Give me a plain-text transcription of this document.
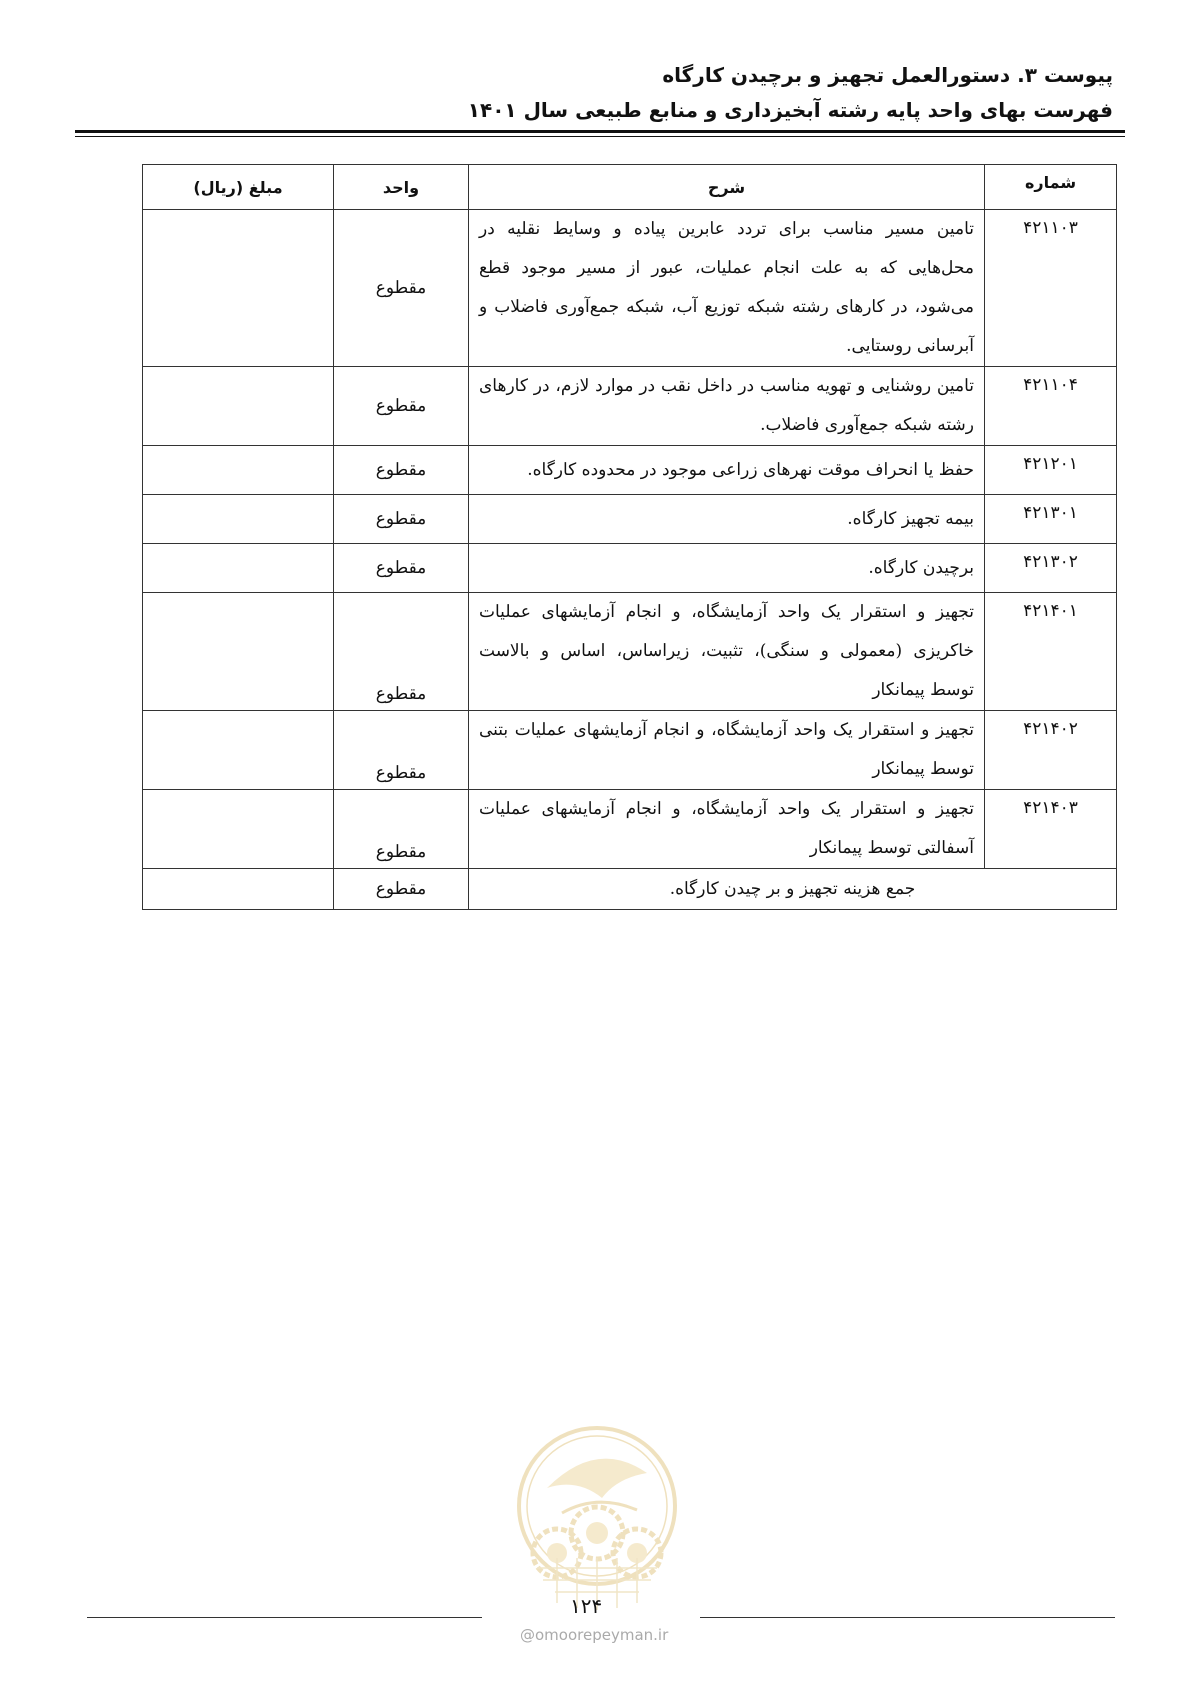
پیوست ۳. دستورالعمل تجهیز و برچیدن کارگاه
فهرست بهای واحد پایه رشته آبخیزداری و منابع طبیعی سال ۱۴۰۱
شماره	شرح	واحد	مبلغ (ریال)
۴۲۱۱۰۳	تامین مسیر مناسب برای تردد عابرین پیاده و وسایط نقلیه در محل‌هایی که به علت انجام عملیات، عبور از مسیر موجود قطع می‌شود، در کارهای رشته شبکه توزیع آب، شبکه جمع‌آوری فاضلاب و آبرسانی روستایی.	مقطوع	
۴۲۱۱۰۴	تامین روشنایی و تهویه مناسب در داخل نقب در موارد لازم، در کارهای رشته شبکه جمع‌آوری فاضلاب.	مقطوع	
۴۲۱۲۰۱	حفظ یا انحراف موقت نهرهای زراعی موجود در محدوده کارگاه.	مقطوع	
۴۲۱۳۰۱	بیمه تجهیز کارگاه.	مقطوع	
۴۲۱۳۰۲	برچیدن کارگاه.	مقطوع	
۴۲۱۴۰۱	تجهیز و استقرار یک واحد آزمایشگاه، و انجام آزمایشهای عملیات خاکریزی (معمولی و سنگی)، تثبیت، زیراساس، اساس و بالاست توسط پیمانکار	مقطوع	
۴۲۱۴۰۲	تجهیز و استقرار یک واحد آزمایشگاه، و انجام آزمایشهای عملیات بتنی توسط پیمانکار	مقطوع	
۴۲۱۴۰۳	تجهیز و استقرار یک واحد آزمایشگاه، و انجام آزمایشهای عملیات آسفالتی توسط پیمانکار	مقطوع	
جمع هزینه تجهیز و بر چیدن کارگاه.		مقطوع	
۱۲۴
@omoorepeyman.ir
